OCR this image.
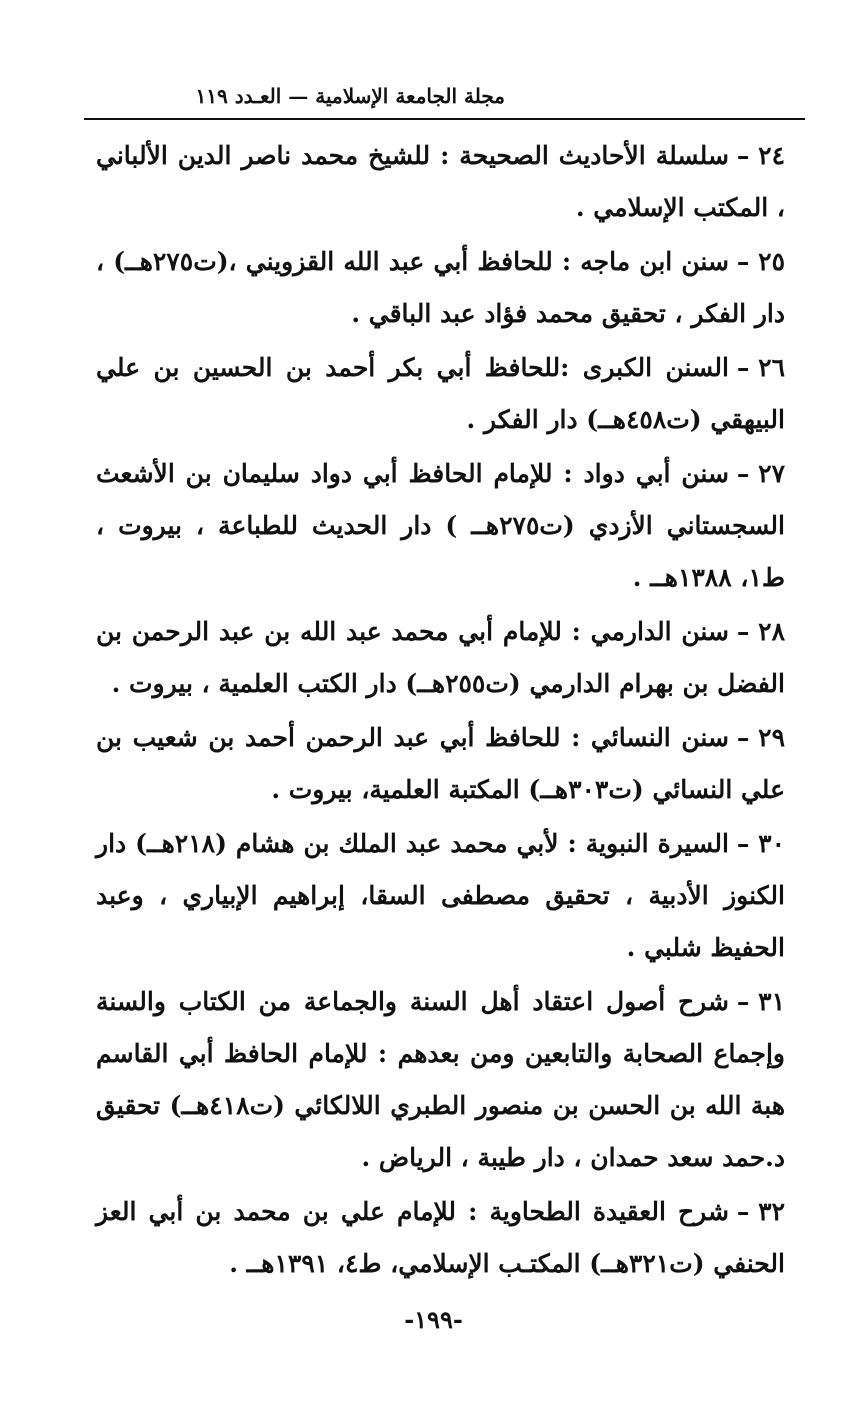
مجلة الجامعة الإسلامية — العـدد ١١٩
٢٤ –سلسلة الأحاديث الصحيحة : للشيخ محمد ناصر الدين الألباني ، المكتب الإسلامي .
٢٥ –سنن ابن ماجه : للحافظ أبي عبد الله القزويني ،(ت٢٧٥هــ) ، دار الفكر ، تحقيق محمد فؤاد عبد الباقي .
٢٦ –السنن الكبرى :للحافظ أبي بكر أحمد بن الحسين بن علي البيهقي (ت٤٥٨هــ) دار الفكر .
٢٧ –سنن أبي دواد : للإمام الحافظ أبي دواد سليمان بن الأشعث السجستاني الأزدي (ت٢٧٥هــ ) دار الحديث للطباعة ، بيروت ، ط١، ١٣٨٨هــ .
٢٨ –سنن الدارمي : للإمام أبي محمد عبد الله بن عبد الرحمن بن الفضل بن بهرام الدارمي (ت٢٥٥هــ) دار الكتب العلمية ، بيروت .
٢٩ –سنن النسائي : للحافظ أبي عبد الرحمن أحمد بن شعيب بن علي النسائي (ت٣٠٣هــ) المكتبة العلمية، بيروت .
٣٠ –السيرة النبوية : لأبي محمد عبد الملك بن هشام (٢١٨هــ) دار الكنوز الأدبية ، تحقيق مصطفى السقا، إبراهيم الإبياري ، وعبد الحفيظ شلبي .
٣١ –شرح أصول اعتقاد أهل السنة والجماعة من الكتاب والسنة وإجماع الصحابة والتابعين ومن بعدهم : للإمام الحافظ أبي القاسم هبة الله بن الحسن بن منصور الطبري اللالكائي (ت٤١٨هــ) تحقيق د.حمد سعد حمدان ، دار طيبة ، الرياض .
٣٢ –شرح العقيدة الطحاوية : للإمام علي بن محمد بن أبي العز الحنفي (ت٣٢١هــ) المكتـب الإسلامي، ط٤، ١٣٩١هــ .
-١٩٩-
